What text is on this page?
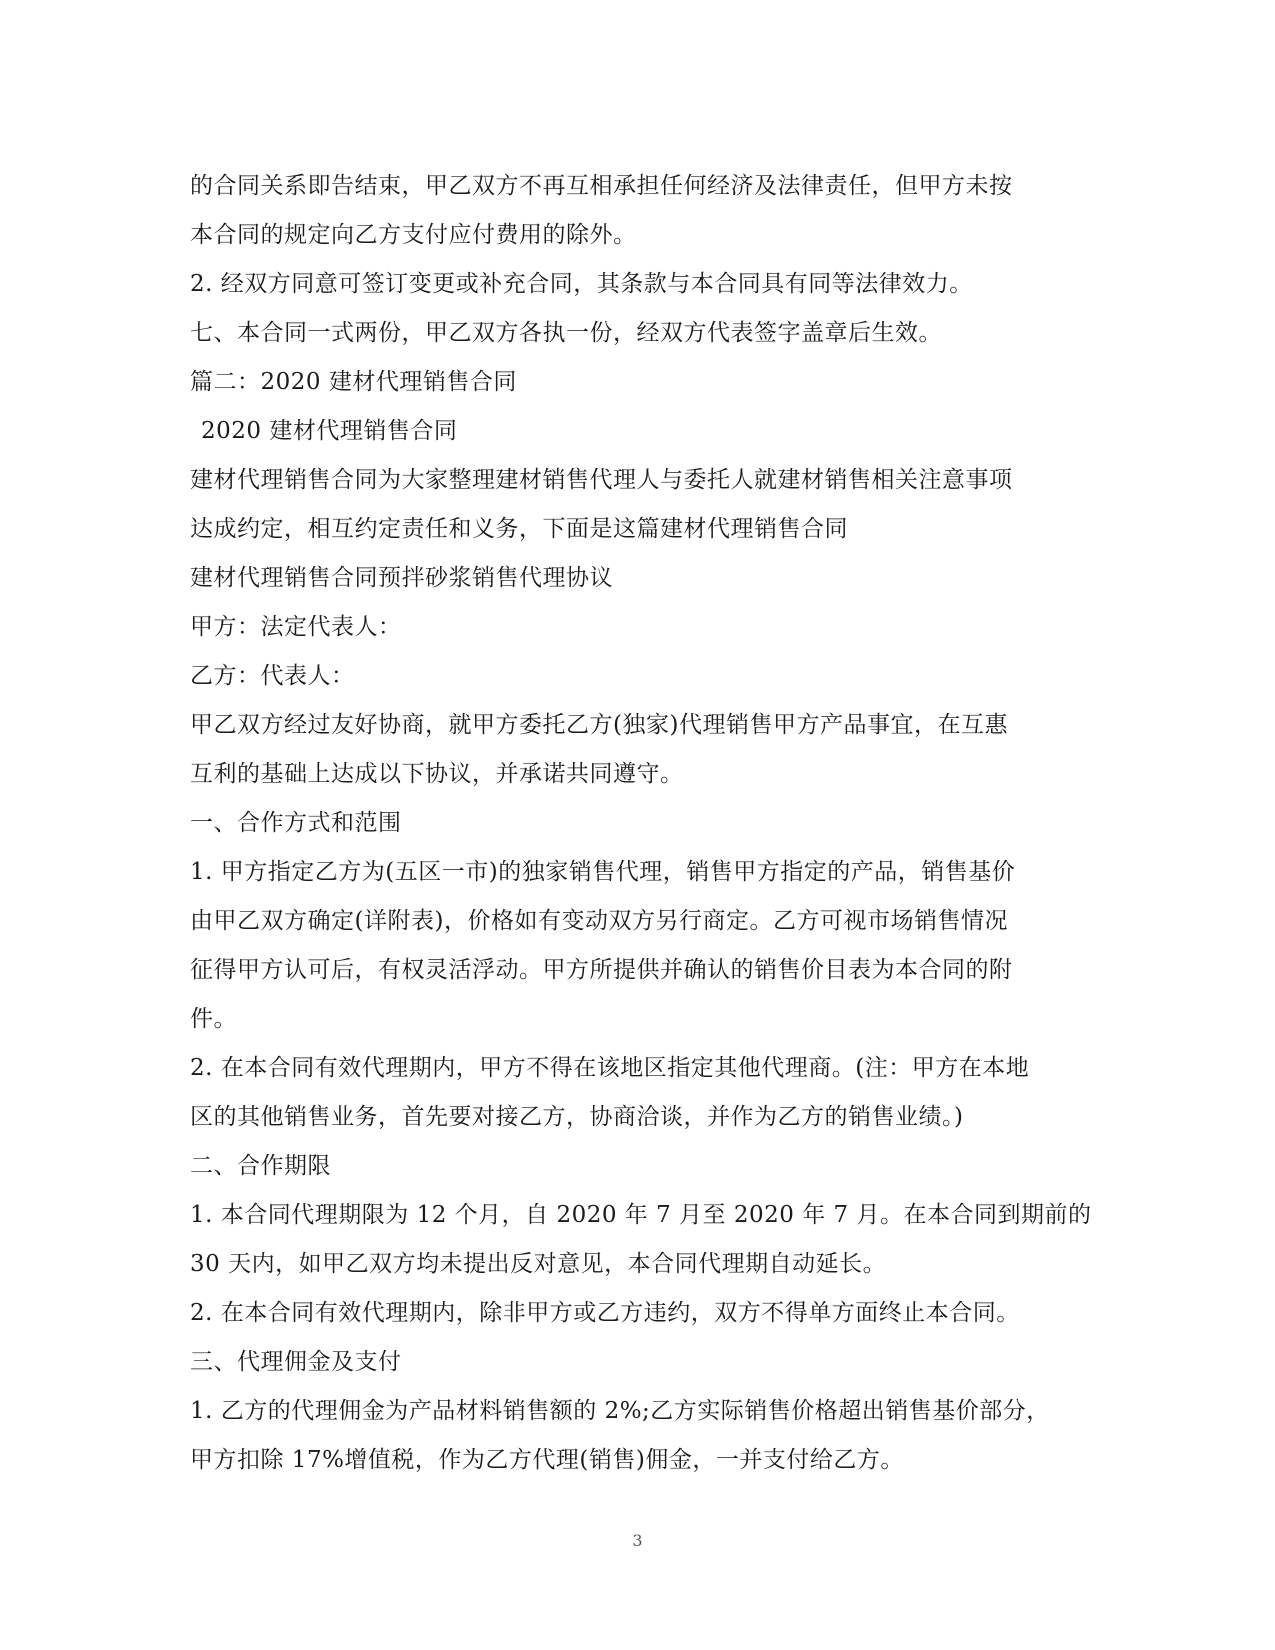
的合同关系即告结束，甲乙双方不再互相承担任何经济及法律责任，但甲方未按
本合同的规定向乙方支付应付费用的除外。
2. 经双方同意可签订变更或补充合同，其条款与本合同具有同等法律效力。
七、本合同一式两份，甲乙双方各执一份，经双方代表签字盖章后生效。
篇二：2020 建材代理销售合同
2020 建材代理销售合同
建材代理销售合同为大家整理建材销售代理人与委托人就建材销售相关注意事项
达成约定，相互约定责任和义务，下面是这篇建材代理销售合同
建材代理销售合同预拌砂浆销售代理协议
甲方：法定代表人：
乙方：代表人：
甲乙双方经过友好协商，就甲方委托乙方(独家)代理销售甲方产品事宜，在互惠
互利的基础上达成以下协议，并承诺共同遵守。
一、合作方式和范围
1. 甲方指定乙方为(五区一市)的独家销售代理，销售甲方指定的产品，销售基价
由甲乙双方确定(详附表)，价格如有变动双方另行商定。乙方可视市场销售情况
征得甲方认可后，有权灵活浮动。甲方所提供并确认的销售价目表为本合同的附
件。
2. 在本合同有效代理期内，甲方不得在该地区指定其他代理商。(注：甲方在本地
区的其他销售业务，首先要对接乙方，协商洽谈，并作为乙方的销售业绩。)
二、合作期限
1. 本合同代理期限为 12 个月，自 2020 年 7 月至 2020 年 7 月。在本合同到期前的
30 天内，如甲乙双方均未提出反对意见，本合同代理期自动延长。
2. 在本合同有效代理期内，除非甲方或乙方违约，双方不得单方面终止本合同。
三、代理佣金及支付
1. 乙方的代理佣金为产品材料销售额的 2%;乙方实际销售价格超出销售基价部分，
甲方扣除 17%增值税，作为乙方代理(销售)佣金，一并支付给乙方。
3
